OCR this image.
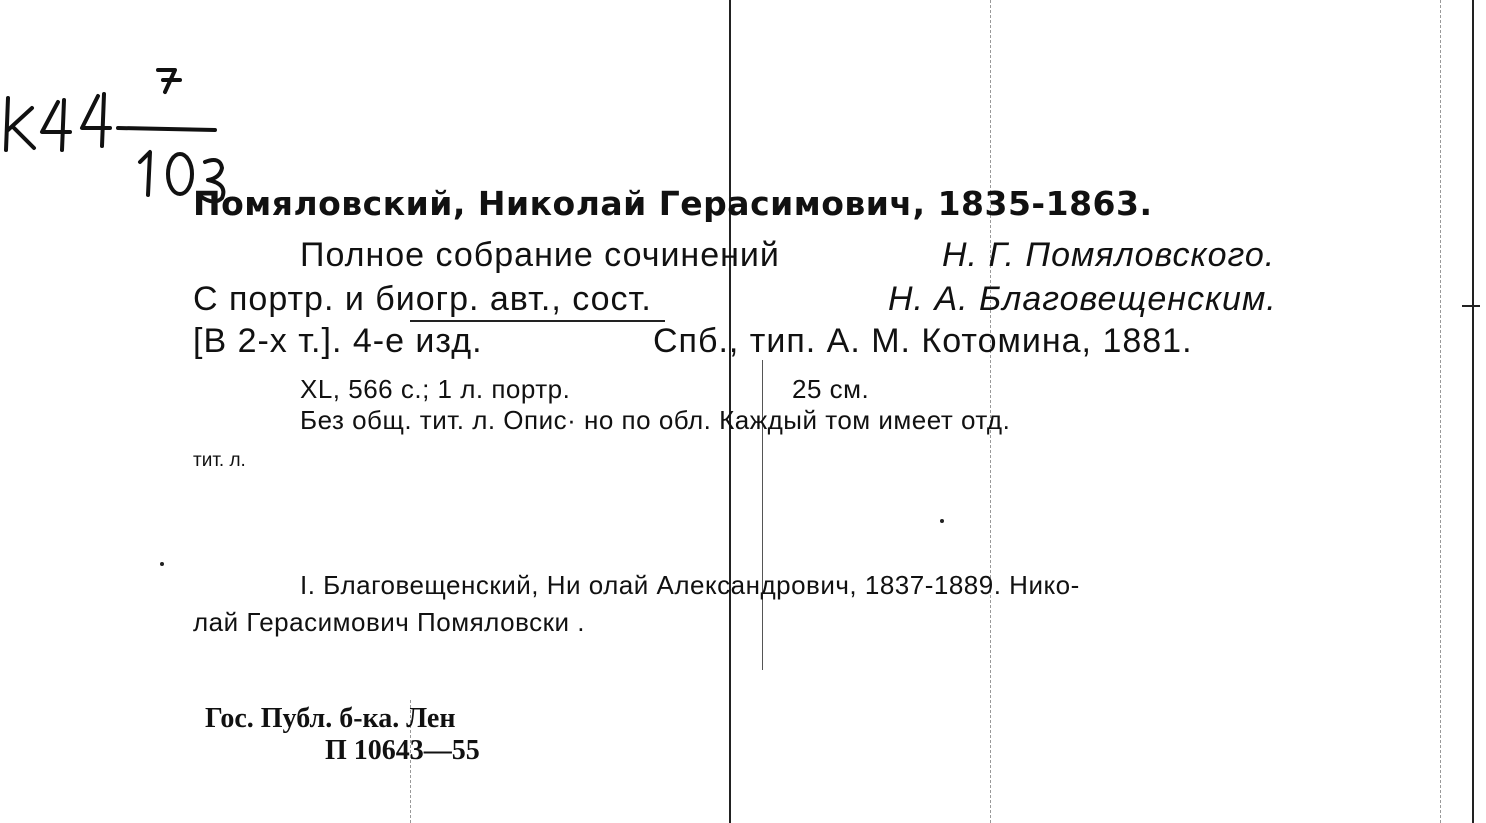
Помяловский, Николай Герасимович, 1835-1863.
Полное собрание сочинений	Н. Г. Помяловского.
С портр. и биогр. авт., сост.	Н. А. Благовещенским.
[В 2-х т.]. 4-е изд.	Спб., тип. А. М. Котомина, 1881.
XL, 566 с.; 1 л. портр.	25 см.
Без общ. тит. л. Опис· но по обл. Каждый том имеет отд.
тит. л.
I. Благовещенский, Ни олай Александрович, 1837-1889. Нико-
лай Герасимович Помяловски .
Гос. Публ. б-ка. Лен
П 10643—55
